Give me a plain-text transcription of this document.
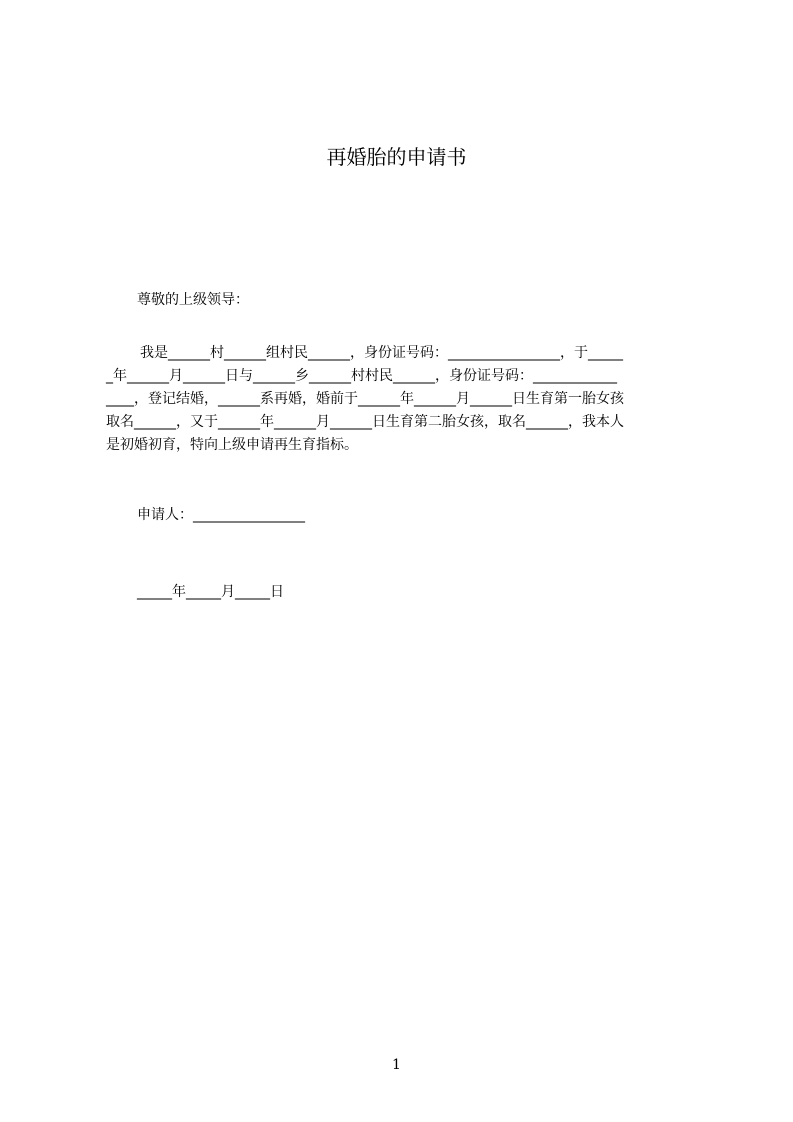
再婚胎的申请书
尊敬的上级领导：
我是______村______组村民______，身份证号码：________________，于_____
_年______月______日与______乡______村村民______，身份证号码：____________
____，登记结婚，______系再婚，婚前于______年______月______日生育第一胎女孩
取名______，又于______年______月______日生育第二胎女孩，取名______，我本人
是初婚初育，特向上级申请再生育指标。
申请人：________________
_____年_____月_____日
1
